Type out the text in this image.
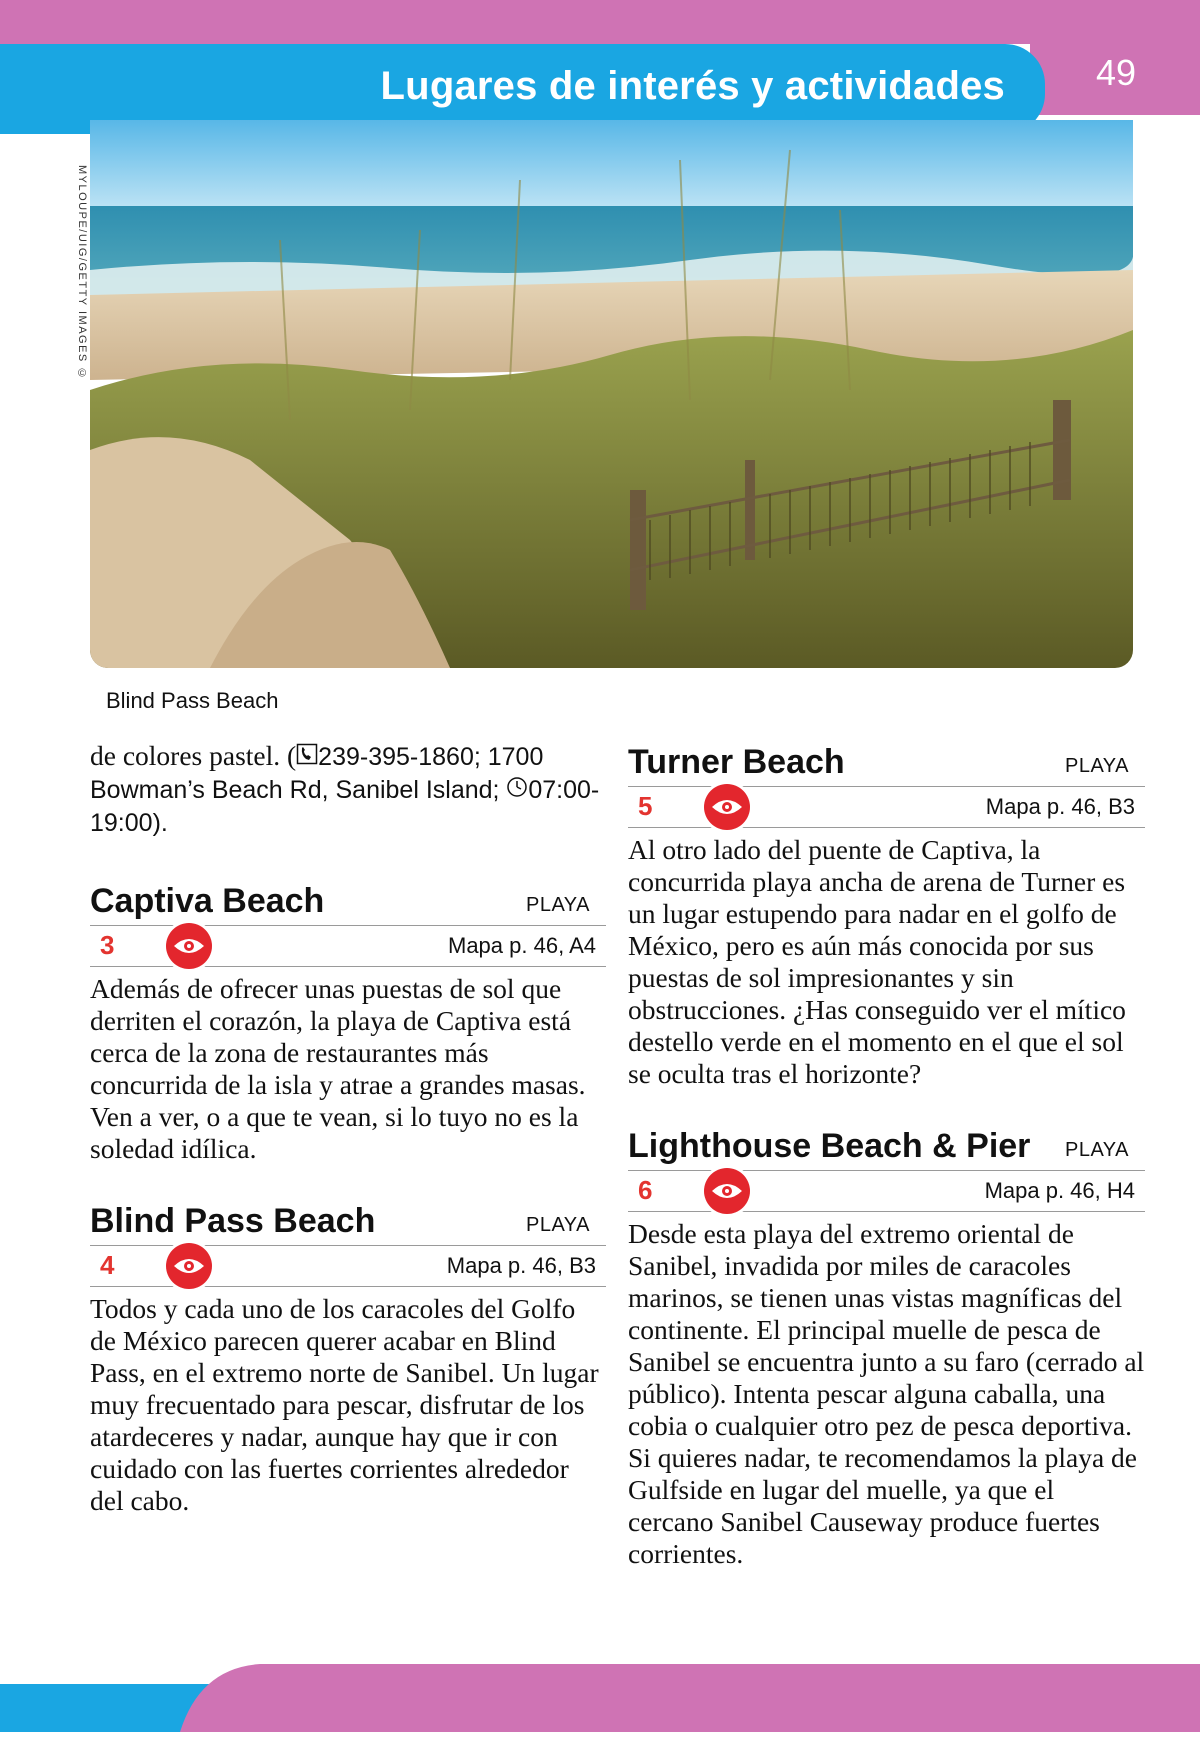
49
Lugares de interés y actividades
MYLOUPE/UIG/GETTY IMAGES ©
Blind Pass Beach

de colores pastel. ( 239-395-1860; 1700 Bowman’s Beach Rd, Sanibel Island; 07:00-19:00).

Captiva Beach	PLAYA
3	Mapa p. 46, A4

Además de ofrecer unas puestas de sol que derriten el corazón, la playa de Captiva está cerca de la zona de restaurantes más concurrida de la isla y atrae a grandes masas. Ven a ver, o a que te vean, si lo tuyo no es la soledad idílica.

Blind Pass Beach	PLAYA
4	Mapa p. 46, B3

Todos y cada uno de los caracoles del Golfo de México parecen querer acabar en Blind Pass, en el extremo norte de Sanibel. Un lugar muy frecuentado para pescar, disfrutar de los atardeceres y nadar, aunque hay que ir con cuidado con las fuertes corrientes alrededor del cabo.

Turner Beach	PLAYA
5	Mapa p. 46, B3

Al otro lado del puente de Captiva, la concurrida playa ancha de arena de Turner es un lugar estupendo para nadar en el golfo de México, pero es aún más conocida por sus puestas de sol impresionantes y sin obstrucciones. ¿Has conseguido ver el mítico destello verde en el momento en el que el sol se oculta tras el horizonte?

Lighthouse Beach & Pier PLAYA
6	Mapa p. 46, H4

Desde esta playa del extremo oriental de Sanibel, invadida por miles de caracoles marinos, se tienen unas vistas magníficas del continente. El principal muelle de pesca de Sanibel se encuentra junto a su faro (cerrado al público). Intenta pescar alguna caballa, una cobia o cualquier otro pez de pesca deportiva. Si quieres nadar, te recomendamos la playa de Gulfside en lugar del muelle, ya que el cercano Sanibel Causeway produce fuertes corrientes.
